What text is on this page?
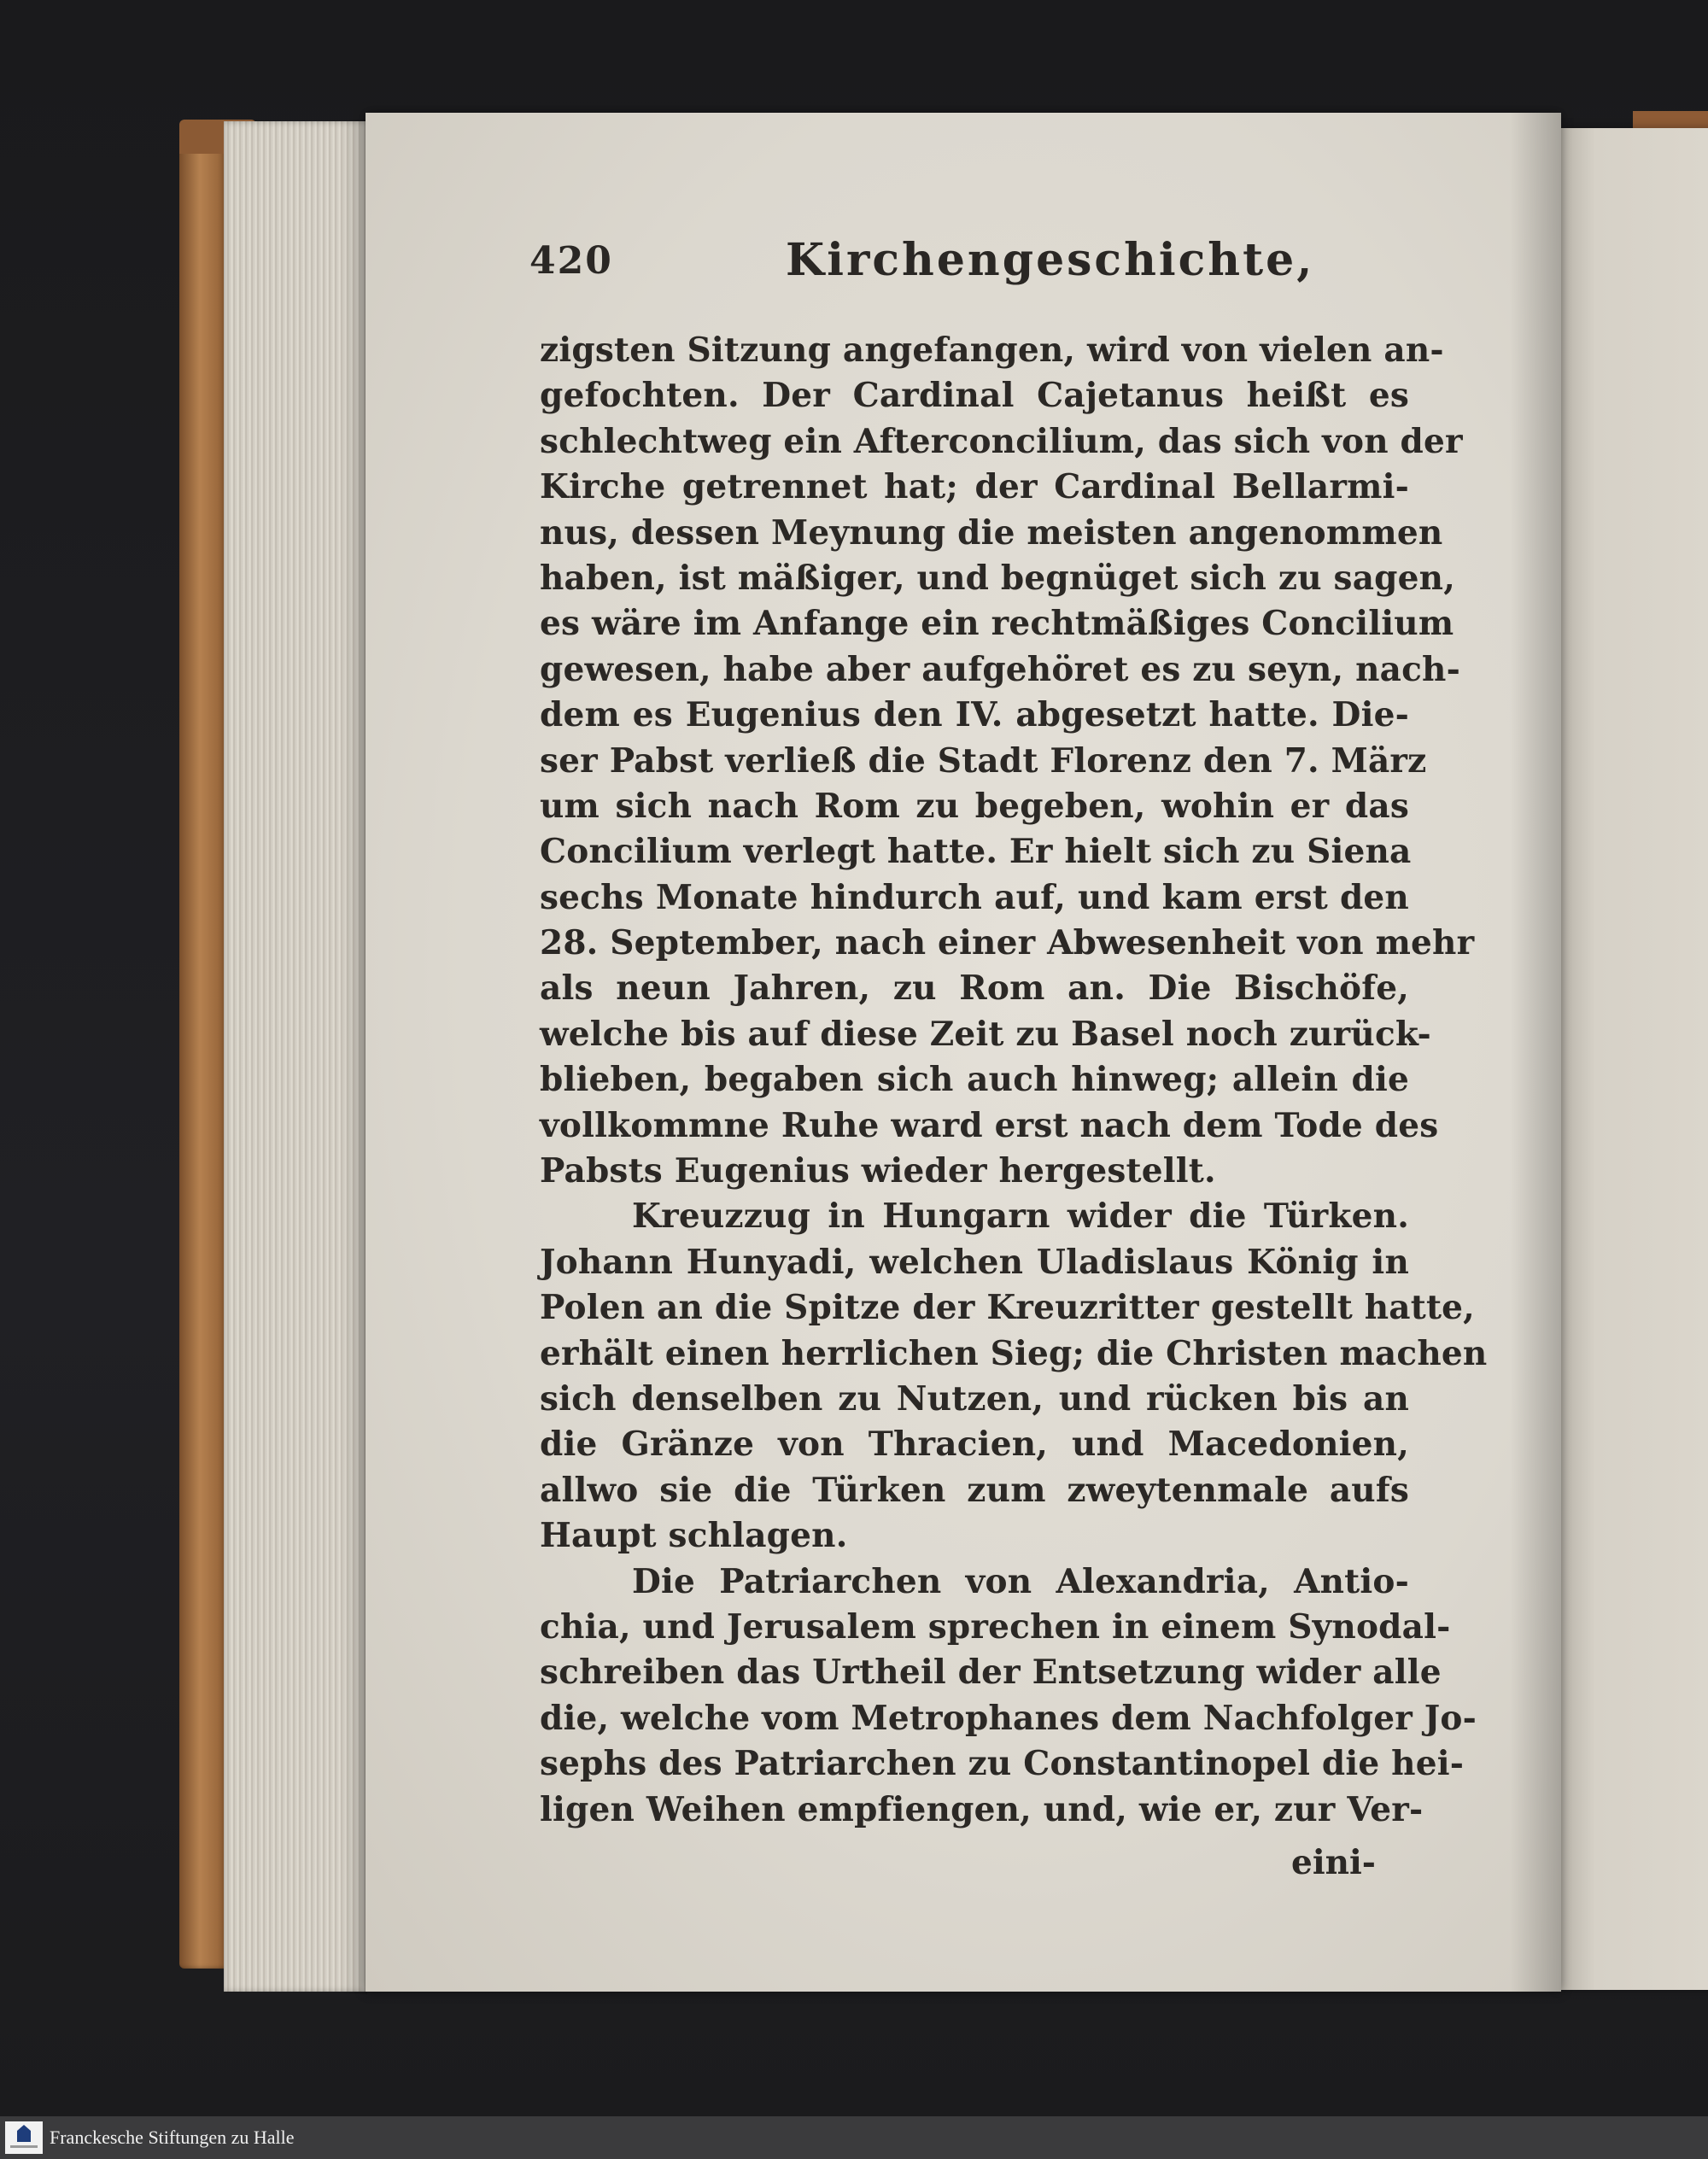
420	Kirchengeschichte,
zigsten Sitzung angefangen, wird von vielen an-
gefochten. Der Cardinal Cajetanus heißt es
schlechtweg ein Afterconcilium, das sich von der
Kirche getrennet hat; der Cardinal Bellarmi-
nus, dessen Meynung die meisten angenommen
haben, ist mäßiger, und begnüget sich zu sagen,
es wäre im Anfange ein rechtmäßiges Concilium
gewesen, habe aber aufgehöret es zu seyn, nach-
dem es Eugenius den IV. abgesetzt hatte. Die-
ser Pabst verließ die Stadt Florenz den 7. März
um sich nach Rom zu begeben, wohin er das
Concilium verlegt hatte. Er hielt sich zu Siena
sechs Monate hindurch auf, und kam erst den
28. September, nach einer Abwesenheit von mehr
als neun Jahren, zu Rom an. Die Bischöfe,
welche bis auf diese Zeit zu Basel noch zurück-
blieben, begaben sich auch hinweg; allein die
vollkommne Ruhe ward erst nach dem Tode des
Pabsts Eugenius wieder hergestellt.
Kreuzzug in Hungarn wider die Türken.
Johann Hunyadi, welchen Uladislaus König in
Polen an die Spitze der Kreuzritter gestellt hatte,
erhält einen herrlichen Sieg; die Christen machen
sich denselben zu Nutzen, und rücken bis an
die Gränze von Thracien, und Macedonien,
allwo sie die Türken zum zweytenmale aufs
Haupt schlagen.
Die Patriarchen von Alexandria, Antio-
chia, und Jerusalem sprechen in einem Synodal-
schreiben das Urtheil der Entsetzung wider alle
die, welche vom Metrophanes dem Nachfolger Jo-
sephs des Patriarchen zu Constantinopel die hei-
ligen Weihen empfiengen, und, wie er, zur Ver-
eini-
Franckesche Stiftungen zu Halle
